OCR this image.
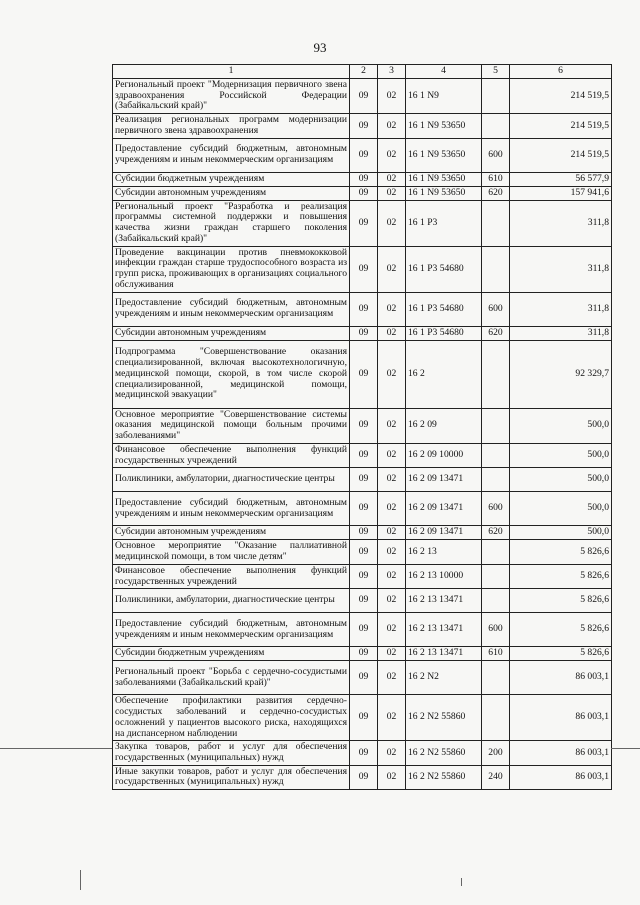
93
1	2	3	4	5	6
Региональный проект "Модернизация первичного звена здравоохранения Российской Федерации (Забайкальский край)"	09	02	16 1 N9		214 519,5
Реализация региональных программ модернизации первичного звена здравоохранения	09	02	16 1 N9 53650		214 519,5
Предоставление субсидий бюджетным, автономным учреждениям и иным некоммерческим организациям	09	02	16 1 N9 53650	600	214 519,5
Субсидии бюджетным учреждениям	09	02	16 1 N9 53650	610	56 577,9
Субсидии автономным учреждениям	09	02	16 1 N9 53650	620	157 941,6
Региональный проект "Разработка и реализация программы системной поддержки и повышения качества жизни граждан старшего поколения (Забайкальский край)"	09	02	16 1 P3		311,8
Проведение вакцинации против пневмококковой инфекции граждан старше трудоспособного возраста из групп риска, проживающих в организациях социального обслуживания	09	02	16 1 P3 54680		311,8
Предоставление субсидий бюджетным, автономным учреждениям и иным некоммерческим организациям	09	02	16 1 P3 54680	600	311,8
Субсидии автономным учреждениям	09	02	16 1 P3 54680	620	311,8
Подпрограмма "Совершенствование оказания специализированной, включая высокотехнологичную, медицинской помощи, скорой, в том числе скорой специализированной, медицинской помощи, медицинской эвакуации"	09	02	16 2		92 329,7
Основное мероприятие "Совершенствование системы оказания медицинской помощи больным прочими заболеваниями"	09	02	16 2 09		500,0
Финансовое обеспечение выполнения функций государственных учреждений	09	02	16 2 09 10000		500,0
Поликлиники, амбулатории, диагностические центры	09	02	16 2 09 13471		500,0
Предоставление субсидий бюджетным, автономным учреждениям и иным некоммерческим организациям	09	02	16 2 09 13471	600	500,0
Субсидии автономным учреждениям	09	02	16 2 09 13471	620	500,0
Основное мероприятие "Оказание паллиативной медицинской помощи, в том числе детям"	09	02	16 2 13		5 826,6
Финансовое обеспечение выполнения функций государственных учреждений	09	02	16 2 13 10000		5 826,6
Поликлиники, амбулатории, диагностические центры	09	02	16 2 13 13471		5 826,6
Предоставление субсидий бюджетным, автономным учреждениям и иным некоммерческим организациям	09	02	16 2 13 13471	600	5 826,6
Субсидии бюджетным учреждениям	09	02	16 2 13 13471	610	5 826,6
Региональный проект "Борьба с сердечно-сосудистыми заболеваниями (Забайкальский край)"	09	02	16 2 N2		86 003,1
Обеспечение профилактики развития сердечно-сосудистых заболеваний и сердечно-сосудистых осложнений у пациентов высокого риска, находящихся на диспансерном наблюдении	09	02	16 2 N2 55860		86 003,1
Закупка товаров, работ и услуг для обеспечения государственных (муниципальных) нужд	09	02	16 2 N2 55860	200	86 003,1
Иные закупки товаров, работ и услуг для обеспечения государственных (муниципальных) нужд	09	02	16 2 N2 55860	240	86 003,1
